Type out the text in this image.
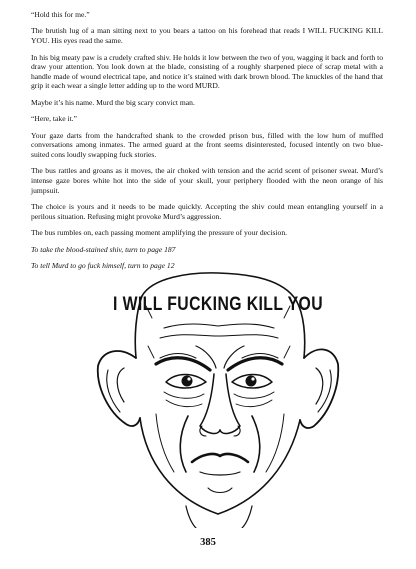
“Hold this for me.”

The brutish lug of a man sitting next to you bears a tattoo on his forehead that reads I WILL FUCKING KILL YOU. His eyes read the same.

In his big meaty paw is a crudely crafted shiv. He holds it low between the two of you, wagging it back and forth to draw your attention. You look down at the blade, consisting of a roughly sharpened piece of scrap metal with a handle made of wound electrical tape, and notice it’s stained with dark brown blood. The knuckles of the hand that grip it each wear a single letter adding up to the word MURD.

Maybe it’s his name. Murd the big scary convict man.

“Here, take it.”

Your gaze darts from the handcrafted shank to the crowded prison bus, filled with the low hum of muffled conversations among inmates. The armed guard at the front seems disinterested, focused intently on two blue-suited cons loudly swapping fuck stories.

The bus rattles and groans as it moves, the air choked with tension and the acrid scent of prisoner sweat. Murd’s intense gaze bores white hot into the side of your skull, your periphery flooded with the neon orange of his jumpsuit.

The choice is yours and it needs to be made quickly. Accepting the shiv could mean entangling yourself in a perilous situation. Refusing might provoke Murd’s aggression.

The bus rumbles on, each passing moment amplifying the pressure of your decision.

To take the blood-stained shiv, turn to page 187

To tell Murd to go fuck himself, turn to page 12

I WILL FUCKING KILL YOU
385
